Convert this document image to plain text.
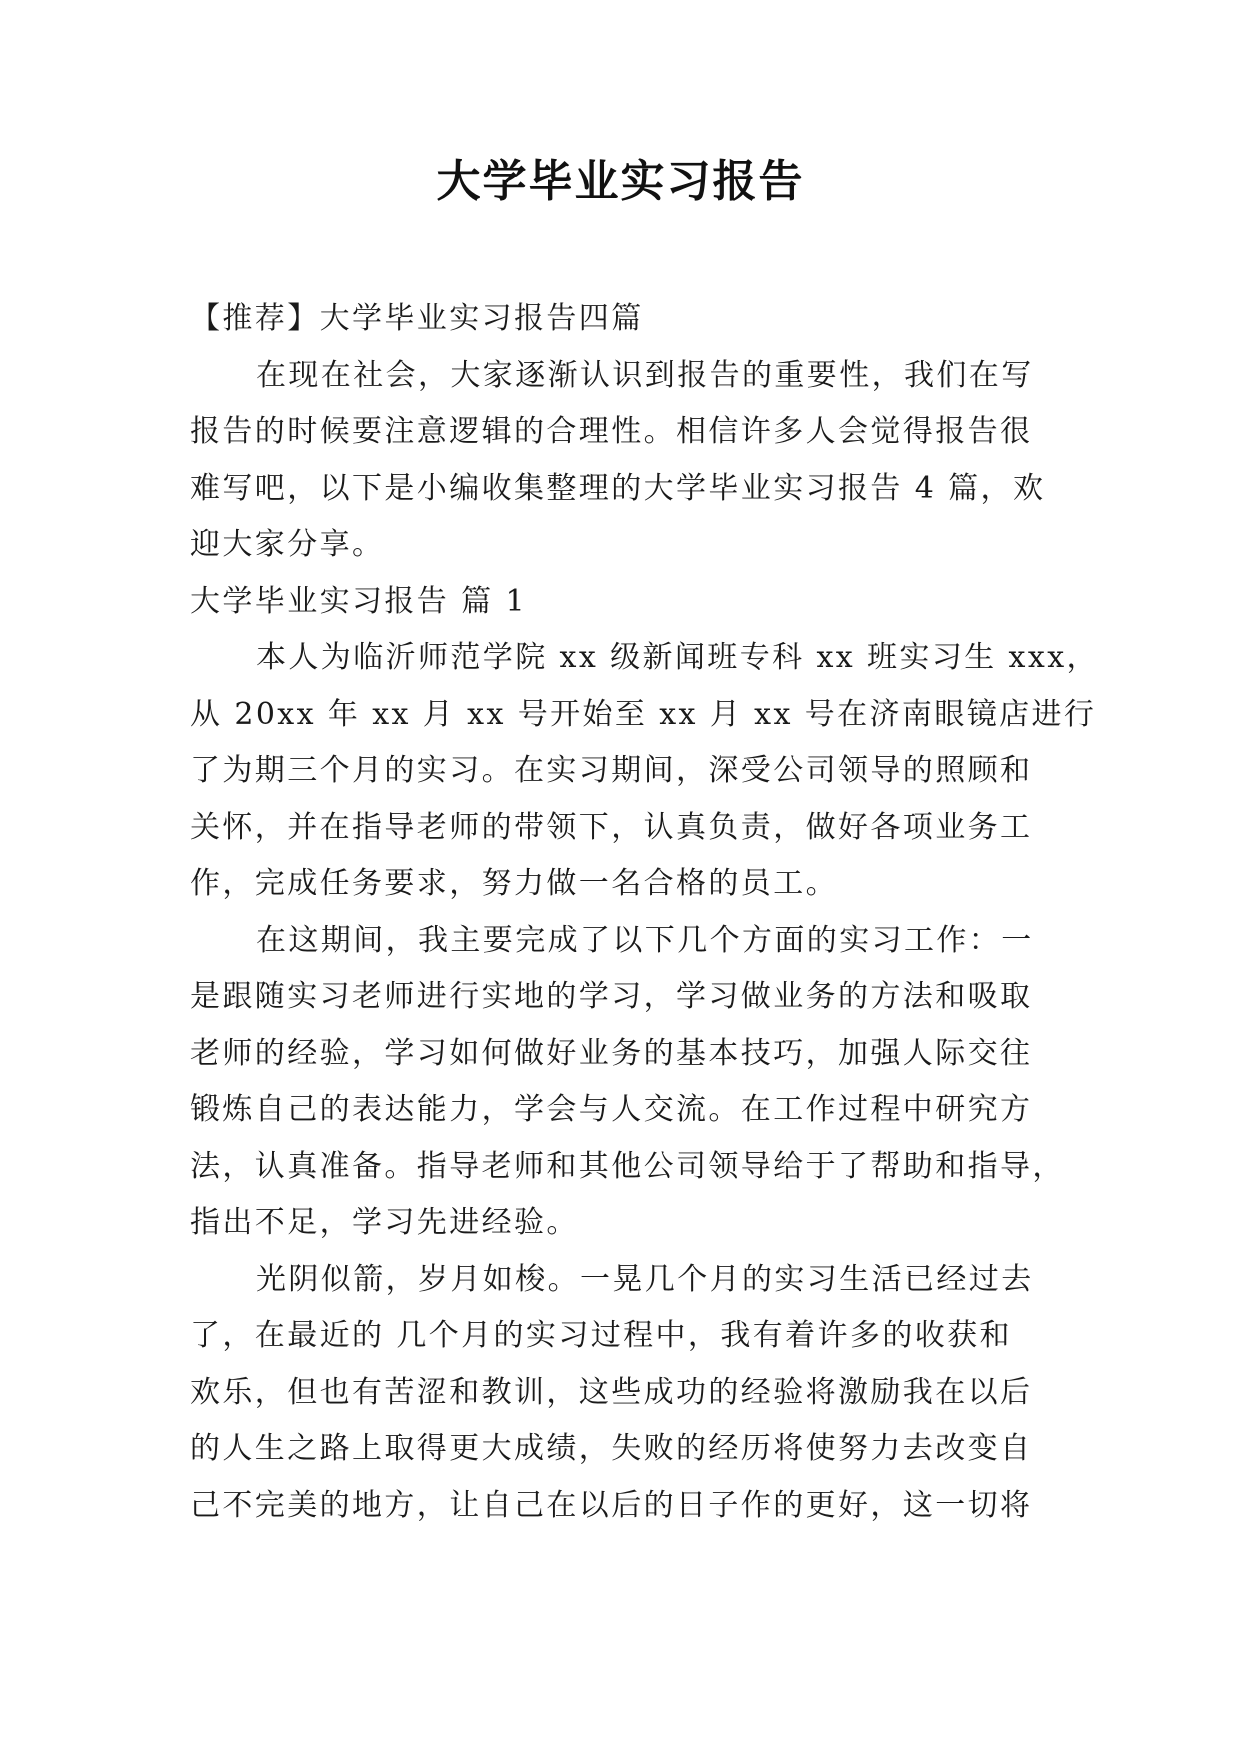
大学毕业实习报告
【推荐】大学毕业实习报告四篇
在现在社会，大家逐渐认识到报告的重要性，我们在写
报告的时候要注意逻辑的合理性。相信许多人会觉得报告很
难写吧，以下是小编收集整理的大学毕业实习报告 4 篇，欢
迎大家分享。
大学毕业实习报告 篇 1
本人为临沂师范学院 xx 级新闻班专科 xx 班实习生 xxx，
从 20xx 年 xx 月 xx 号开始至 xx 月 xx 号在济南眼镜店进行
了为期三个月的实习。在实习期间，深受公司领导的照顾和
关怀，并在指导老师的带领下，认真负责，做好各项业务工
作，完成任务要求，努力做一名合格的员工。
在这期间，我主要完成了以下几个方面的实习工作：一
是跟随实习老师进行实地的学习，学习做业务的方法和吸取
老师的经验，学习如何做好业务的基本技巧，加强人际交往
锻炼自己的表达能力，学会与人交流。在工作过程中研究方
法，认真准备。指导老师和其他公司领导给于了帮助和指导，
指出不足，学习先进经验。
光阴似箭，岁月如梭。一晃几个月的实习生活已经过去
了，在最近的 几个月的实习过程中，我有着许多的收获和
欢乐，但也有苦涩和教训，这些成功的经验将激励我在以后
的人生之路上取得更大成绩，失败的经历将使努力去改变自
己不完美的地方，让自己在以后的日子作的更好，这一切将
